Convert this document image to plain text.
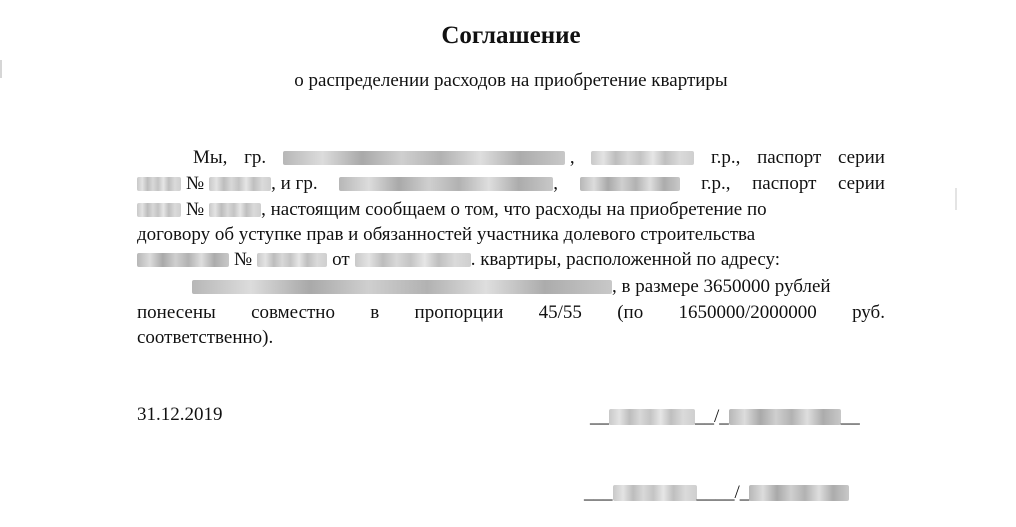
Соглашение
о распределении расходов на приобретение квартиры
Мы, гр.	,	г.р., паспорт серии
№	, и гр.	,	г.р., паспорт серии
№	, настоящим сообщаем о том, что расходы на приобретение по
договору об уступке прав и обязанностей участника долевого строительства
№	от	. квартиры, расположенной по адресу:
, в размере 3650000 рублей
понесены совместно в пропорции 45/55 (по 1650000/2000000 руб.
соответственно).
31.12.2019	__	__/_	__
___	____/_
